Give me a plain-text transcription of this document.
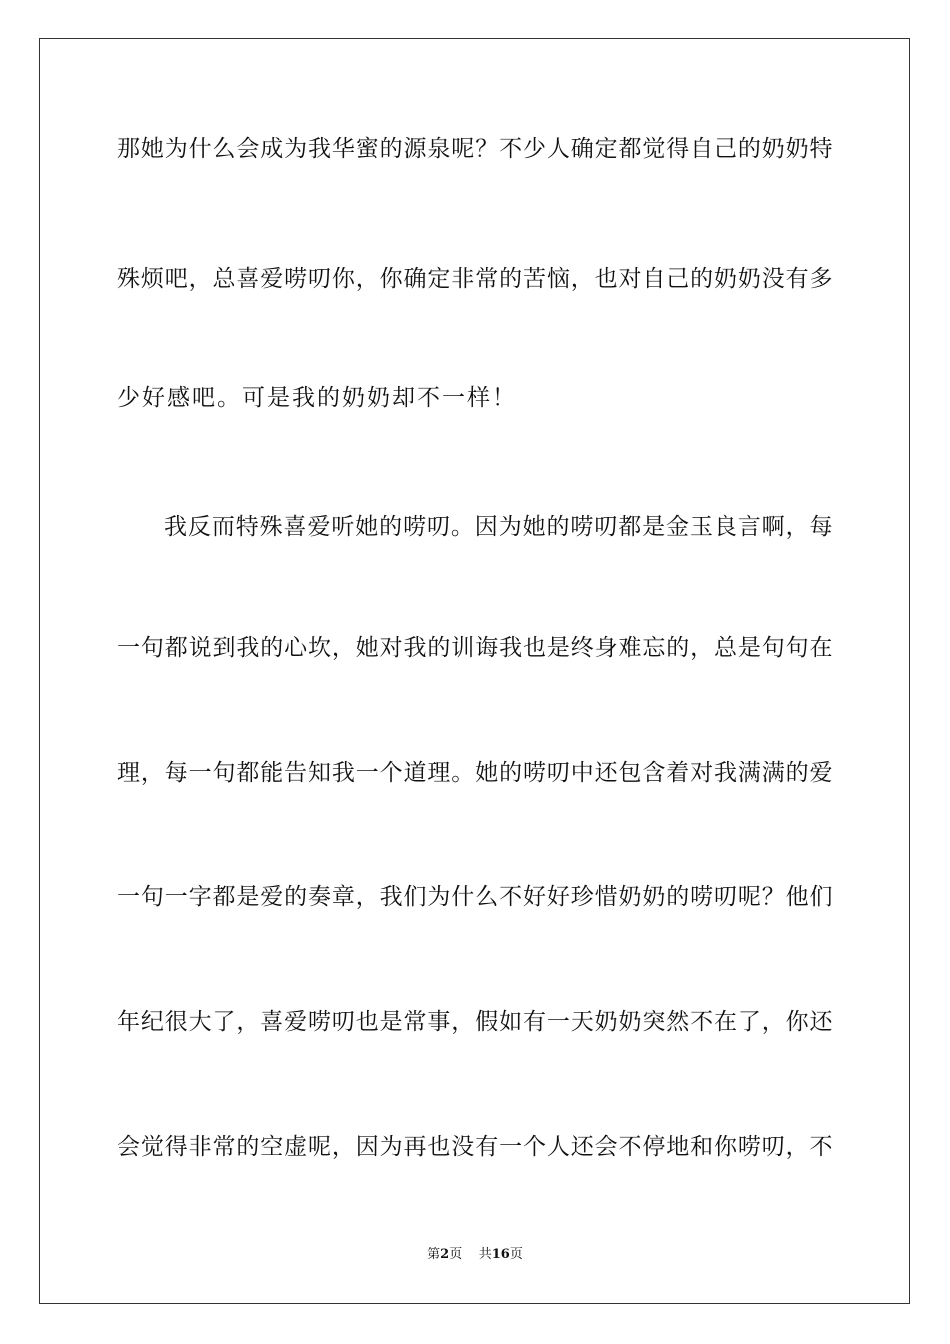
那她为什么会成为我华蜜的源泉呢？不少人确定都觉得自己的奶奶特
殊烦吧，总喜爱唠叨你，你确定非常的苦恼，也对自己的奶奶没有多
少好感吧。可是我的奶奶却不一样！
我反而特殊喜爱听她的唠叨。因为她的唠叨都是金玉良言啊，每
一句都说到我的心坎，她对我的训诲我也是终身难忘的，总是句句在
理，每一句都能告知我一个道理。她的唠叨中还包含着对我满满的爱
一句一字都是爱的奏章，我们为什么不好好珍惜奶奶的唠叨呢？他们
年纪很大了，喜爱唠叨也是常事，假如有一天奶奶突然不在了，你还
会觉得非常的空虚呢，因为再也没有一个人还会不停地和你唠叨，不
第2页 共16页
